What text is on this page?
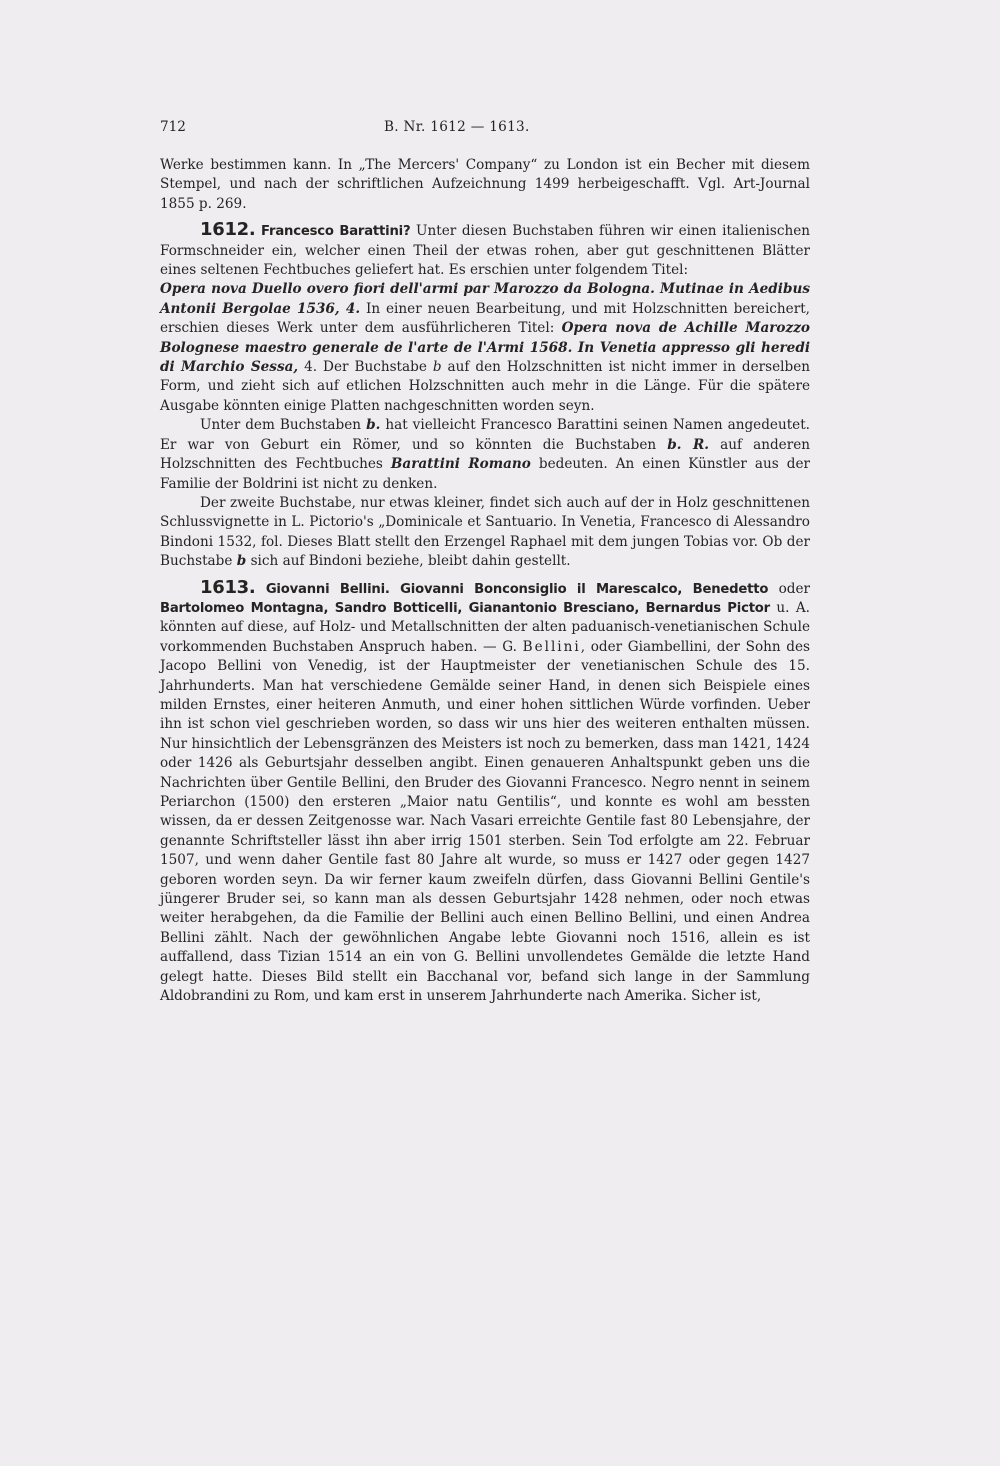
712	B. Nr. 1612 — 1613.

Werke bestimmen kann. In „The Mercers' Company“ zu London ist ein Becher mit diesem Stempel, und nach der schriftlichen Aufzeichnung 1499 herbeigeschafft. Vgl. Art-Journal 1855 p. 269.

1612. Francesco Barattini? Unter diesen Buchstaben führen wir einen italienischen Formschneider ein, welcher einen Theil der etwas rohen, aber gut geschnittenen Blätter eines seltenen Fechtbuches geliefert hat. Es erschien unter folgendem Titel:

Opera nova Duello overo fiori dell'armi par Marozzo da Bologna. Mutinae in Aedibus Antonii Bergolae 1536, 4. In einer neuen Bearbeitung, und mit Holzschnitten bereichert, erschien dieses Werk unter dem ausführlicheren Titel: Opera nova de Achille Marozzo Bolognese maestro generale de l'arte de l'Armi 1568. In Venetia appresso gli heredi di Marchio Sessa, 4. Der Buchstabe b auf den Holzschnitten ist nicht immer in derselben Form, und zieht sich auf etlichen Holzschnitten auch mehr in die Länge. Für die spätere Ausgabe könnten einige Platten nachgeschnitten worden seyn.

Unter dem Buchstaben b. hat vielleicht Francesco Barattini seinen Namen angedeutet. Er war von Geburt ein Römer, und so könnten die Buchstaben b. R. auf anderen Holzschnitten des Fechtbuches Barattini Romano bedeuten. An einen Künstler aus der Familie der Boldrini ist nicht zu denken.

Der zweite Buchstabe, nur etwas kleiner, findet sich auch auf der in Holz geschnittenen Schlussvignette in L. Pictorio's „Dominicale et Santuario. In Venetia, Francesco di Alessandro Bindoni 1532, fol. Dieses Blatt stellt den Erzengel Raphael mit dem jungen Tobias vor. Ob der Buchstabe b sich auf Bindoni beziehe, bleibt dahin gestellt.

1613. Giovanni Bellini. Giovanni Bonconsiglio il Marescalco, Benedetto oder Bartolomeo Montagna, Sandro Botticelli, Gianantonio Bresciano, Bernardus Pictor u. A. könnten auf diese, auf Holz- und Metallschnitten der alten paduanisch-venetianischen Schule vorkommenden Buchstaben Anspruch haben. — G. Bellini, oder Giambellini, der Sohn des Jacopo Bellini von Venedig, ist der Hauptmeister der venetianischen Schule des 15. Jahrhunderts. Man hat verschiedene Gemälde seiner Hand, in denen sich Beispiele eines milden Ernstes, einer heiteren Anmuth, und einer hohen sittlichen Würde vorfinden. Ueber ihn ist schon viel geschrieben worden, so dass wir uns hier des weiteren enthalten müssen. Nur hinsichtlich der Lebensgränzen des Meisters ist noch zu bemerken, dass man 1421, 1424 oder 1426 als Geburtsjahr desselben angibt. Einen genaueren Anhaltspunkt geben uns die Nachrichten über Gentile Bellini, den Bruder des Giovanni Francesco. Negro nennt in seinem Periarchon (1500) den ersteren „Maior natu Gentilis“, und konnte es wohl am bessten wissen, da er dessen Zeitgenosse war. Nach Vasari erreichte Gentile fast 80 Lebensjahre, der genannte Schriftsteller lässt ihn aber irrig 1501 sterben. Sein Tod erfolgte am 22. Februar 1507, und wenn daher Gentile fast 80 Jahre alt wurde, so muss er 1427 oder gegen 1427 geboren worden seyn. Da wir ferner kaum zweifeln dürfen, dass Giovanni Bellini Gentile's jüngerer Bruder sei, so kann man als dessen Geburtsjahr 1428 nehmen, oder noch etwas weiter herabgehen, da die Familie der Bellini auch einen Bellino Bellini, und einen Andrea Bellini zählt. Nach der gewöhnlichen Angabe lebte Giovanni noch 1516, allein es ist auffallend, dass Tizian 1514 an ein von G. Bellini unvollendetes Gemälde die letzte Hand gelegt hatte. Dieses Bild stellt ein Bacchanal vor, befand sich lange in der Sammlung Aldobrandini zu Rom, und kam erst in unserem Jahrhunderte nach Amerika. Sicher ist,
